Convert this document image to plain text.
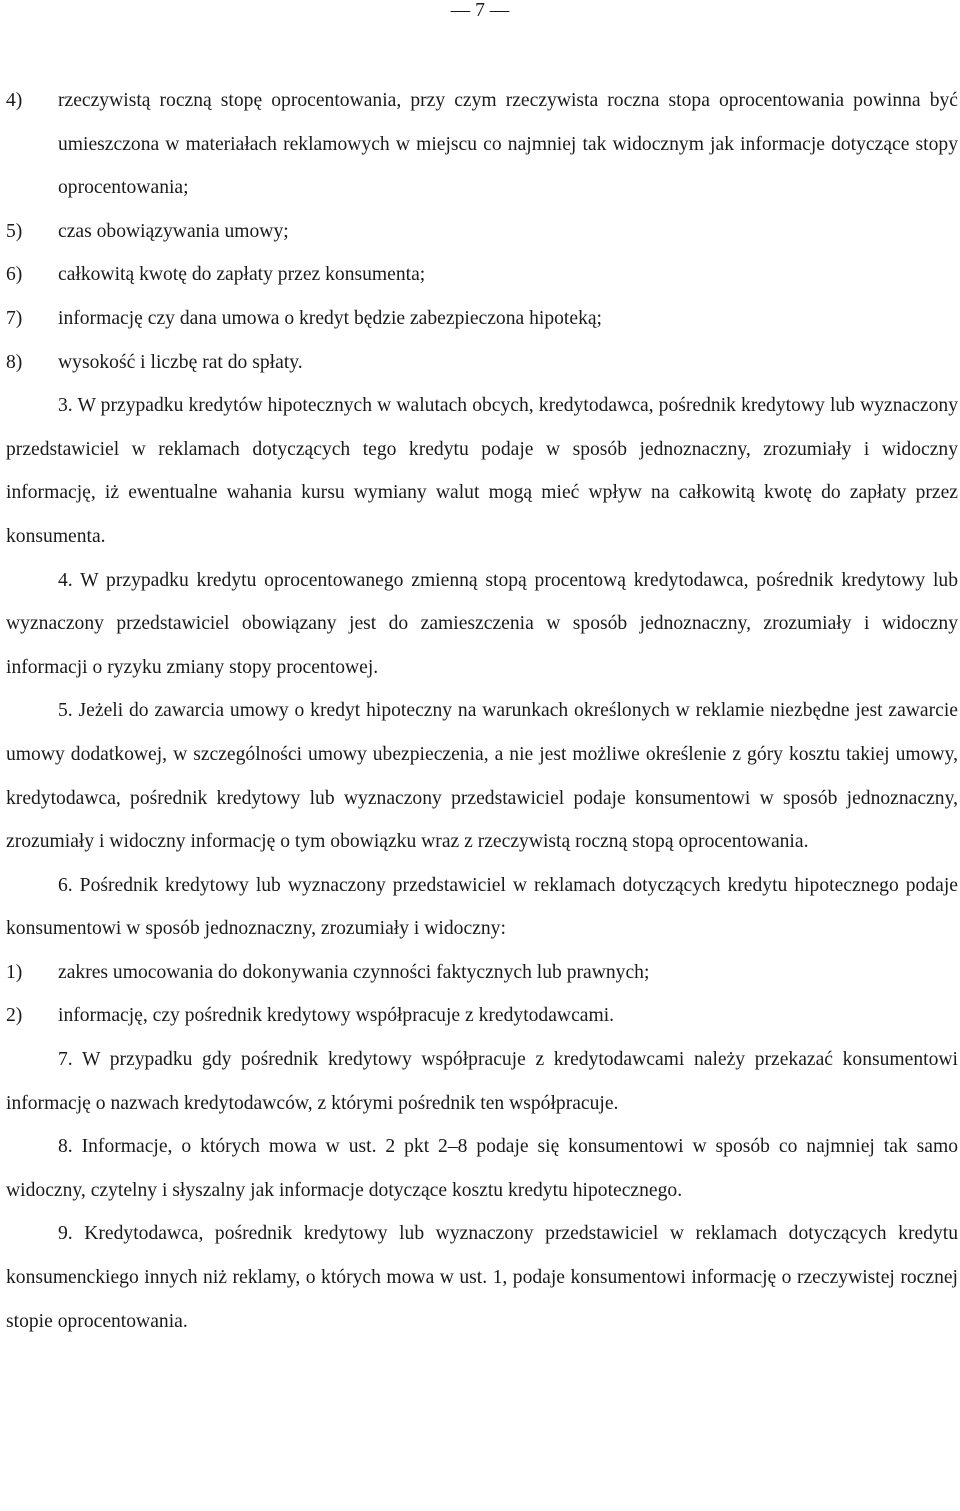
— 7 —
4) rzeczywistą roczną stopę oprocentowania, przy czym rzeczywista roczna stopa oprocentowania powinna być umieszczona w materiałach reklamowych w miejscu co najmniej tak widocznym jak informacje dotyczące stopy oprocentowania;
5) czas obowiązywania umowy;
6) całkowitą kwotę do zapłaty przez konsumenta;
7) informację czy dana umowa o kredyt będzie zabezpieczona hipoteką;
8) wysokość i liczbę rat do spłaty.

3. W przypadku kredytów hipotecznych w walutach obcych, kredytodawca, pośrednik kredytowy lub wyznaczony przedstawiciel w reklamach dotyczących tego kredytu podaje w sposób jednoznaczny, zrozumiały i widoczny informację, iż ewentualne wahania kursu wymiany walut mogą mieć wpływ na całkowitą kwotę do zapłaty przez konsumenta.

4. W przypadku kredytu oprocentowanego zmienną stopą procentową kredytodawca, pośrednik kredytowy lub wyznaczony przedstawiciel obowiązany jest do zamieszczenia w sposób jednoznaczny, zrozumiały i widoczny informacji o ryzyku zmiany stopy procentowej.

5. Jeżeli do zawarcia umowy o kredyt hipoteczny na warunkach określonych w reklamie niezbędne jest zawarcie umowy dodatkowej, w szczególności umowy ubezpieczenia, a nie jest możliwe określenie z góry kosztu takiej umowy, kredytodawca, pośrednik kredytowy lub wyznaczony przedstawiciel podaje konsumentowi w sposób jednoznaczny, zrozumiały i widoczny informację o tym obowiązku wraz z rzeczywistą roczną stopą oprocentowania.

6. Pośrednik kredytowy lub wyznaczony przedstawiciel w reklamach dotyczących kredytu hipotecznego podaje konsumentowi w sposób jednoznaczny, zrozumiały i widoczny:

1) zakres umocowania do dokonywania czynności faktycznych lub prawnych;
2) informację, czy pośrednik kredytowy współpracuje z kredytodawcami.

7. W przypadku gdy pośrednik kredytowy współpracuje z kredytodawcami należy przekazać konsumentowi informację o nazwach kredytodawców, z którymi pośrednik ten współpracuje.

8. Informacje, o których mowa w ust. 2 pkt 2–8 podaje się konsumentowi w sposób co najmniej tak samo widoczny, czytelny i słyszalny jak informacje dotyczące kosztu kredytu hipotecznego.

9. Kredytodawca, pośrednik kredytowy lub wyznaczony przedstawiciel w reklamach dotyczących kredytu konsumenckiego innych niż reklamy, o których mowa w ust. 1, podaje konsumentowi informację o rzeczywistej rocznej stopie oprocentowania.
